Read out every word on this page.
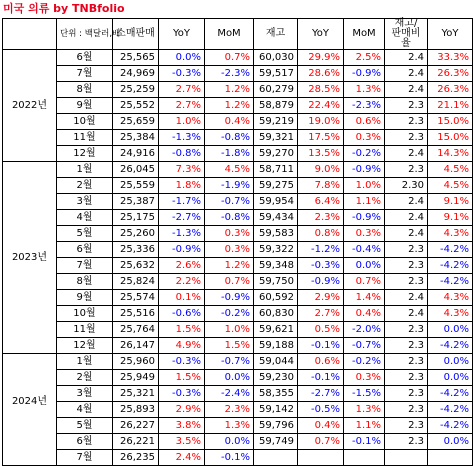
미국 의류 by TNBfolio
	단위 : 백달러,배	소매판매	YoY	MoM	재고	YoY	MoM	재고/
판매비율	YoY	
2022년	6월	25,565	0.0%	0.7%	60,030	29.9%	2.5%	2.4	33.3%	
	7월	24,969	-0.3%	-2.3%	59,517	28.6%	-0.9%	2.4	26.3%	
	8월	25,259	2.7%	1.2%	60,279	28.5%	1.3%	2.4	26.3%	
	9월	25,552	2.7%	1.2%	58,879	22.4%	-2.3%	2.3	21.1%	
	10월	25,659	1.0%	0.4%	59,219	19.0%	0.6%	2.3	15.0%	
	11월	25,384	-1.3%	-0.8%	59,321	17.5%	0.3%	2.3	15.0%	
	12월	24,916	-0.8%	-1.8%	59,270	13.5%	-0.2%	2.4	14.3%	
2023년	1월	26,045	7.3%	4.5%	58,711	9.0%	-0.9%	2.3	4.5%	
	2월	25,559	1.8%	-1.9%	59,275	7.8%	1.0%	2.30	4.5%	
	3월	25,387	-1.7%	-0.7%	59,954	6.4%	1.1%	2.4	9.1%	
	4월	25,175	-2.7%	-0.8%	59,434	2.3%	-0.9%	2.4	9.1%	
	5월	25,260	-1.3%	0.3%	59,583	0.8%	0.3%	2.4	4.3%	
	6월	25,336	-0.9%	0.3%	59,322	-1.2%	-0.4%	2.3	-4.2%	
	7월	25,632	2.6%	1.2%	59,348	-0.3%	0.0%	2.3	-4.2%	
	8월	25,824	2.2%	0.7%	59,750	-0.9%	0.7%	2.3	-4.2%	
	9월	25,574	0.1%	-0.9%	60,592	2.9%	1.4%	2.4	4.3%	
	10월	25,516	-0.6%	-0.2%	60,830	2.7%	0.4%	2.4	4.3%	
	11월	25,764	1.5%	1.0%	59,621	0.5%	-2.0%	2.3	0.0%	
	12월	26,147	4.9%	1.5%	59,188	-0.1%	-0.7%	2.3	-4.2%	
2024년	1월	25,960	-0.3%	-0.7%	59,044	0.6%	-0.2%	2.3	0.0%	
	2월	25,949	1.5%	0.0%	59,230	-0.1%	0.3%	2.3	0.0%	
	3월	25,321	-0.3%	-2.4%	58,355	-2.7%	-1.5%	2.3	-4.2%	
	4월	25,893	2.9%	2.3%	59,142	-0.5%	1.3%	2.3	-4.2%	
	5월	26,227	3.8%	1.3%	59,796	0.4%	1.1%	2.3	-4.2%	
	6월	26,221	3.5%	0.0%	59,749	0.7%	-0.1%	2.3	0.0%	
	7월	26,235	2.4%	-0.1%						
